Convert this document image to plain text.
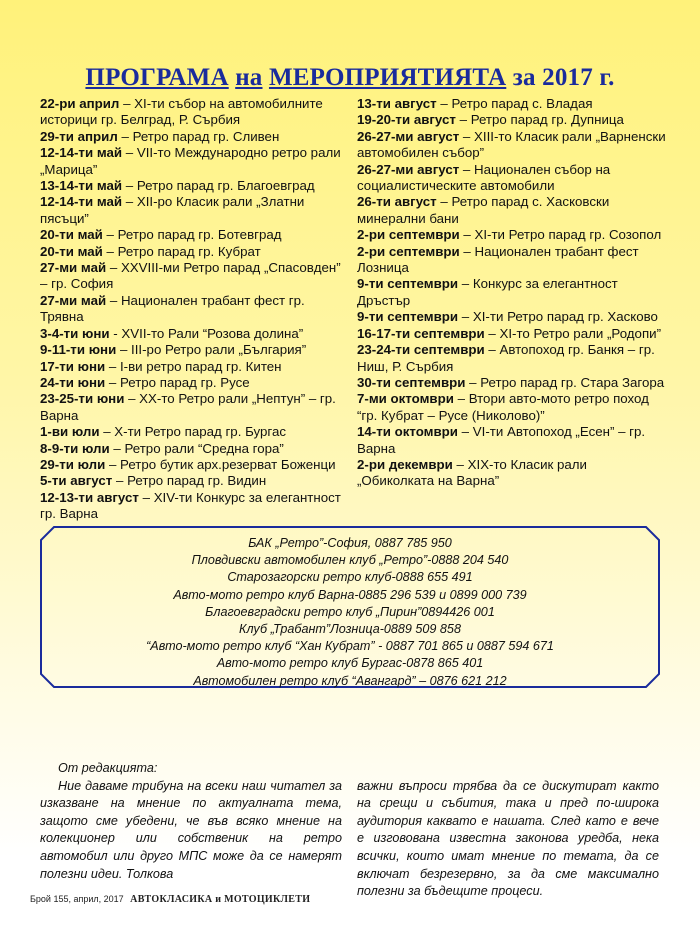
ПРОГРАМА на МЕРОПРИЯТИЯТА за 2017 г.

22-ри април – XI-ти събор на автомобилните историци гр. Белград, Р. Сърбия

29-ти април – Ретро парад гр. Сливен

12-14-ти май – VII-то Международно ретро рали „Марица”

13-14-ти май – Ретро парад гр. Благоевград

12-14-ти май – XII-ро Класик рали „Златни пясъци”

20-ти май – Ретро парад гр. Ботевград

20-ти май – Ретро парад гр. Кубрат

27-ми май – XXVIII-ми Ретро парад „Спасовден” – гр. София

27-ми май – Национален трабант фест гр. Трявна

3-4-ти юни - XVII-то Рали “Розова долина”

9-11-ти юни – III-ро Ретро рали „България”

17-ти юни – I-ви ретро парад гр. Китен

24-ти юни – Ретро парад гр. Русе

23-25-ти юни – XX-то Ретро рали „Нептун” – гр. Варна

1-ви юли – X-ти Ретро парад гр. Бургас

8-9-ти юли – Ретро рали “Средна гора”

29-ти юли – Ретро бутик арх.резерват Боженци

5-ти август – Ретро парад гр. Видин

12-13-ти август – XIV-ти Конкурс за елегантност гр. Варна

13-ти август – Ретро парад с. Владая

19-20-ти август – Ретро парад гр. Дупница

26-27-ми август – XIII-то Класик рали „Варненски автомобилен събор”

26-27-ми август – Национален събор на социалистическите автомобили

26-ти август – Ретро парад с. Хасковски минерални бани

2-ри септември – XI-ти Ретро парад гр. Созопол

2-ри септември – Национален трабант фест Лозница

9-ти септември – Конкурс за елегантност Дръстър

9-ти септември – XI-ти Ретро парад гр. Хасково

16-17-ти септември – XI-то Ретро рали „Родопи”

23-24-ти септември – Автопоход гр. Банкя – гр. Ниш, Р. Сърбия

30-ти септември – Ретро парад гр. Стара Загора

7-ми октомври – Втори авто-мото ретро поход “гр. Кубрат – Русе (Николово)”

14-ти октомври – VI-ти Автопоход „Есен” – гр. Варна

2-ри декември – XIX-то Класик рали „Обиколката на Варна”

БАК „Ретро”-София, 0887 785 950
Пловдивски автомобилен клуб „Ретро”-0888 204 540
Старозагорски ретро клуб-0888 655 491
Авто-мото ретро клуб Варна-0885 296 539 и 0899 000 739
Благоевградски ретро клуб „Пирин”0894426 001
Клуб „Трабант”Лозница-0889 509 858
“Авто-мото ретро клуб “Хан Кубрат” - 0887 701 865 и 0887 594 671
Авто-мото ретро клуб Бургас-0878 865 401
Автомобилен ретро клуб “Авангард” – 0876 621 212

От редакцията:

Ние даваме трибуна на всеки наш читател за изказване на мнение по актуалната тема, защото сме убедени, че във всяко мнение на колекционер или собственик на ретро автомобил или друго МПС може да се намерят полезни идеи. Толкова

важни въпроси трябва да се дискутират както на срещи и събития, така и пред по-широка аудитория каквато е нашата. След като е вече е изговована известна законова уредба, нека всички, които имат мнение по темата, да се включат безрезервно, за да сме максимално полезни за бъдещите процеси.

Брой 155, април, 2017 АВТОКЛАСИКА и МОТОЦИКЛЕТИ
